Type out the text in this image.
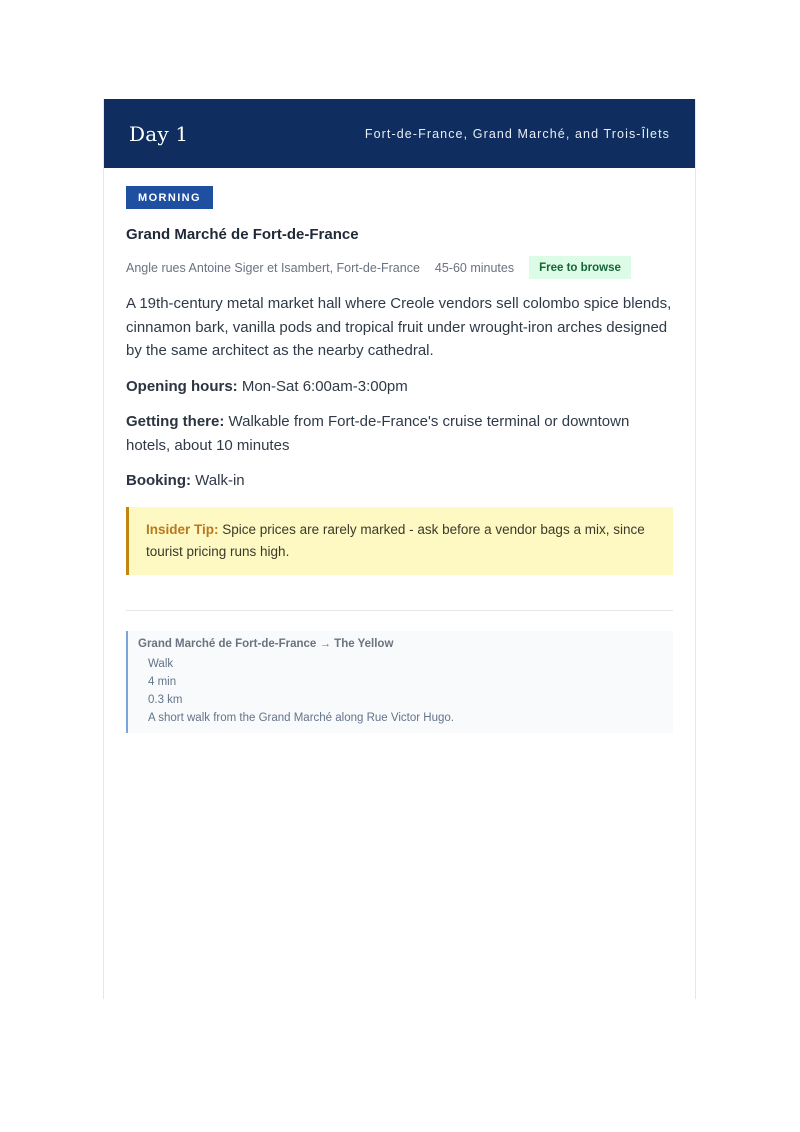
Day 1	Fort-de-France, Grand Marché, and Trois-Îlets
MORNING
Grand Marché de Fort-de-France
Angle rues Antoine Siger et Isambert, Fort-de-France 45-60 minutes	Free to browse
A 19th-century metal market hall where Creole vendors sell colombo spice blends, cinnamon bark, vanilla pods and tropical fruit under wrought-iron arches designed by the same architect as the nearby cathedral.
Opening hours: Mon-Sat 6:00am-3:00pm
Getting there: Walkable from Fort-de-France's cruise terminal or downtown hotels, about 10 minutes
Booking: Walk-in
Insider Tip: Spice prices are rarely marked - ask before a vendor bags a mix, since tourist pricing runs high.
Grand Marché de Fort-de-France → The Yellow
Walk
4 min
0.3 km
A short walk from the Grand Marché along Rue Victor Hugo.
